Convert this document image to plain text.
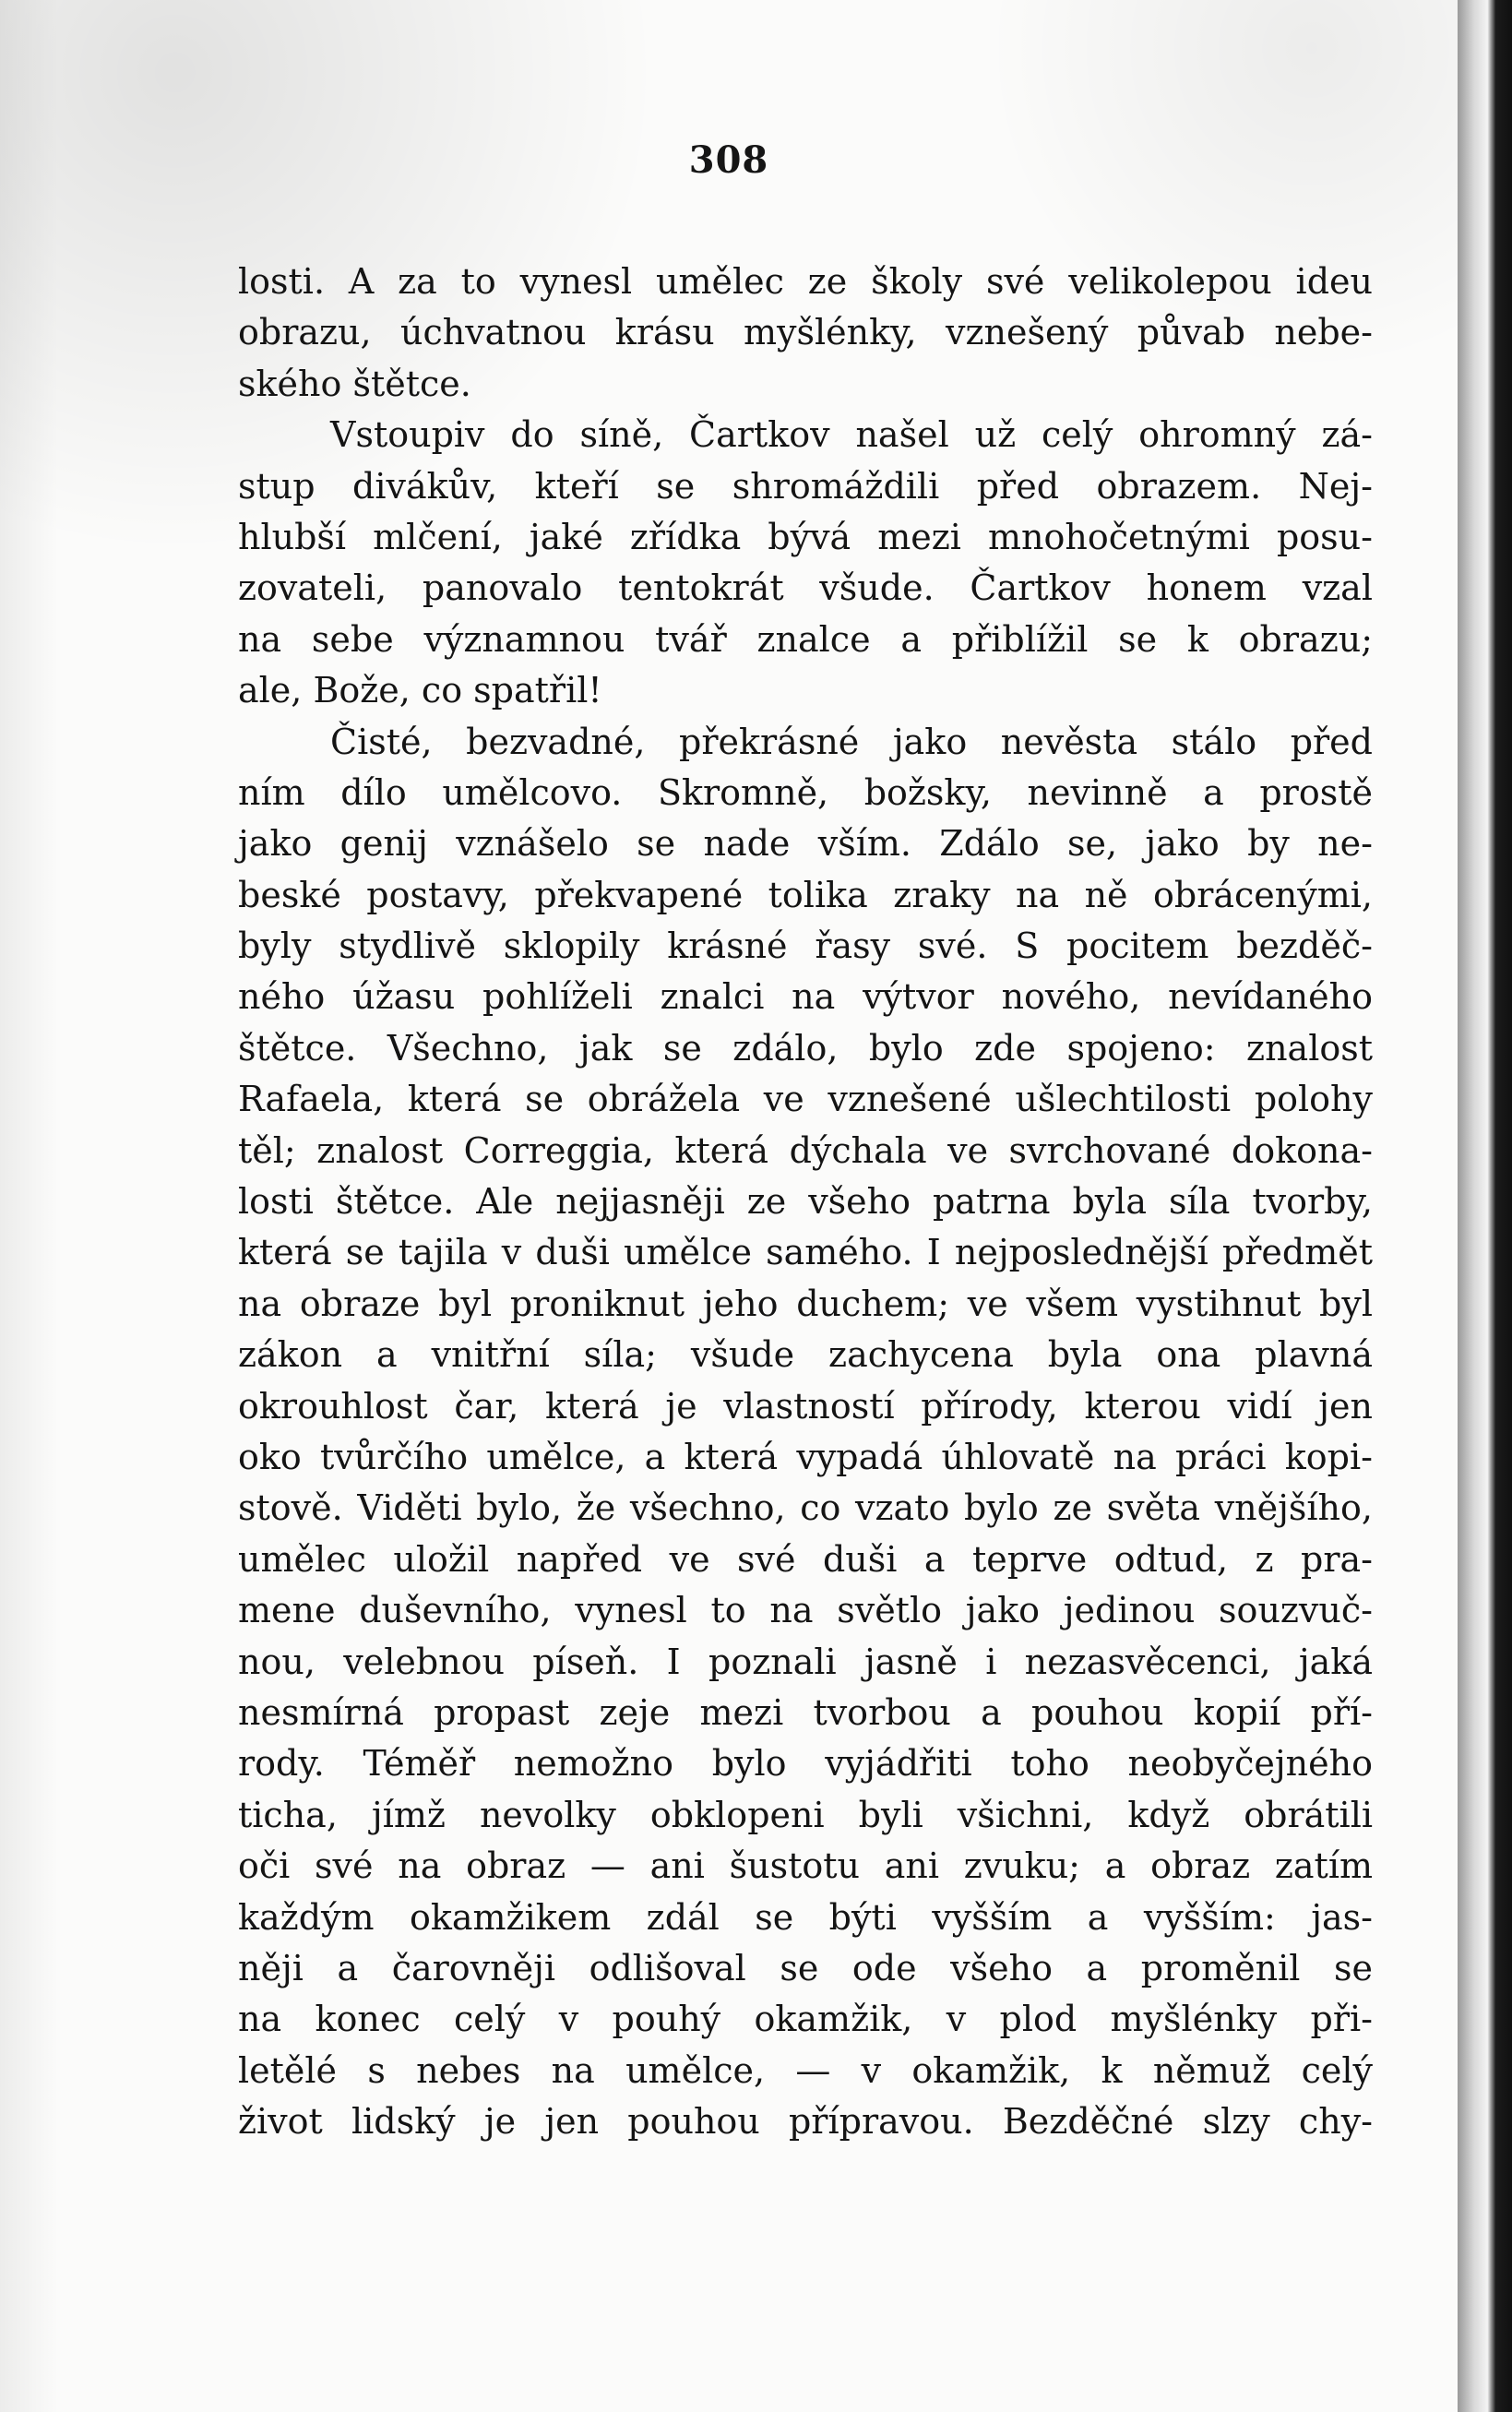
308
losti. A za to vynesl umělec ze školy své velikolepou ideu
obrazu, úchvatnou krásu myšlénky, vznešený půvab nebe-
ského štětce.
Vstoupiv do síně, Čartkov našel už celý ohromný zá-
stup divákův, kteří se shromáždili před obrazem. Nej-
hlubší mlčení, jaké zřídka bývá mezi mnohočetnými posu-
zovateli, panovalo tentokrát všude. Čartkov honem vzal
na sebe významnou tvář znalce a přiblížil se k obrazu;
ale, Bože, co spatřil!
Čisté, bezvadné, překrásné jako nevěsta stálo před
ním dílo umělcovo. Skromně, božsky, nevinně a prostě
jako genij vznášelo se nade vším. Zdálo se, jako by ne-
beské postavy, překvapené tolika zraky na ně obrácenými,
byly stydlivě sklopily krásné řasy své. S pocitem bezděč-
ného úžasu pohlíželi znalci na výtvor nového, nevídaného
štětce. Všechno, jak se zdálo, bylo zde spojeno: znalost
Rafaela, která se obrážela ve vznešené ušlechtilosti polohy
těl; znalost Correggia, která dýchala ve svrchované dokona-
losti štětce. Ale nejjasněji ze všeho patrna byla síla tvorby,
která se tajila v duši umělce samého. I nejposlednější předmět
na obraze byl proniknut jeho duchem; ve všem vystihnut byl
zákon a vnitřní síla; všude zachycena byla ona plavná
okrouhlost čar, která je vlastností přírody, kterou vidí jen
oko tvůrčího umělce, a která vypadá úhlovatě na práci kopi-
stově. Viděti bylo, že všechno, co vzato bylo ze světa vnějšího,
umělec uložil napřed ve své duši a teprve odtud, z pra-
mene duševního, vynesl to na světlo jako jedinou souzvuč-
nou, velebnou píseň. I poznali jasně i nezasvěcenci, jaká
nesmírná propast zeje mezi tvorbou a pouhou kopií pří-
rody. Téměř nemožno bylo vyjádřiti toho neobyčejného
ticha, jímž nevolky obklopeni byli všichni, když obrátili
oči své na obraz — ani šustotu ani zvuku; a obraz zatím
každým okamžikem zdál se býti vyšším a vyšším: jas-
něji a čarovněji odlišoval se ode všeho a proměnil se
na konec celý v pouhý okamžik, v plod myšlénky při-
letělé s nebes na umělce, — v okamžik, k němuž celý
život lidský je jen pouhou přípravou. Bezděčné slzy chy-
